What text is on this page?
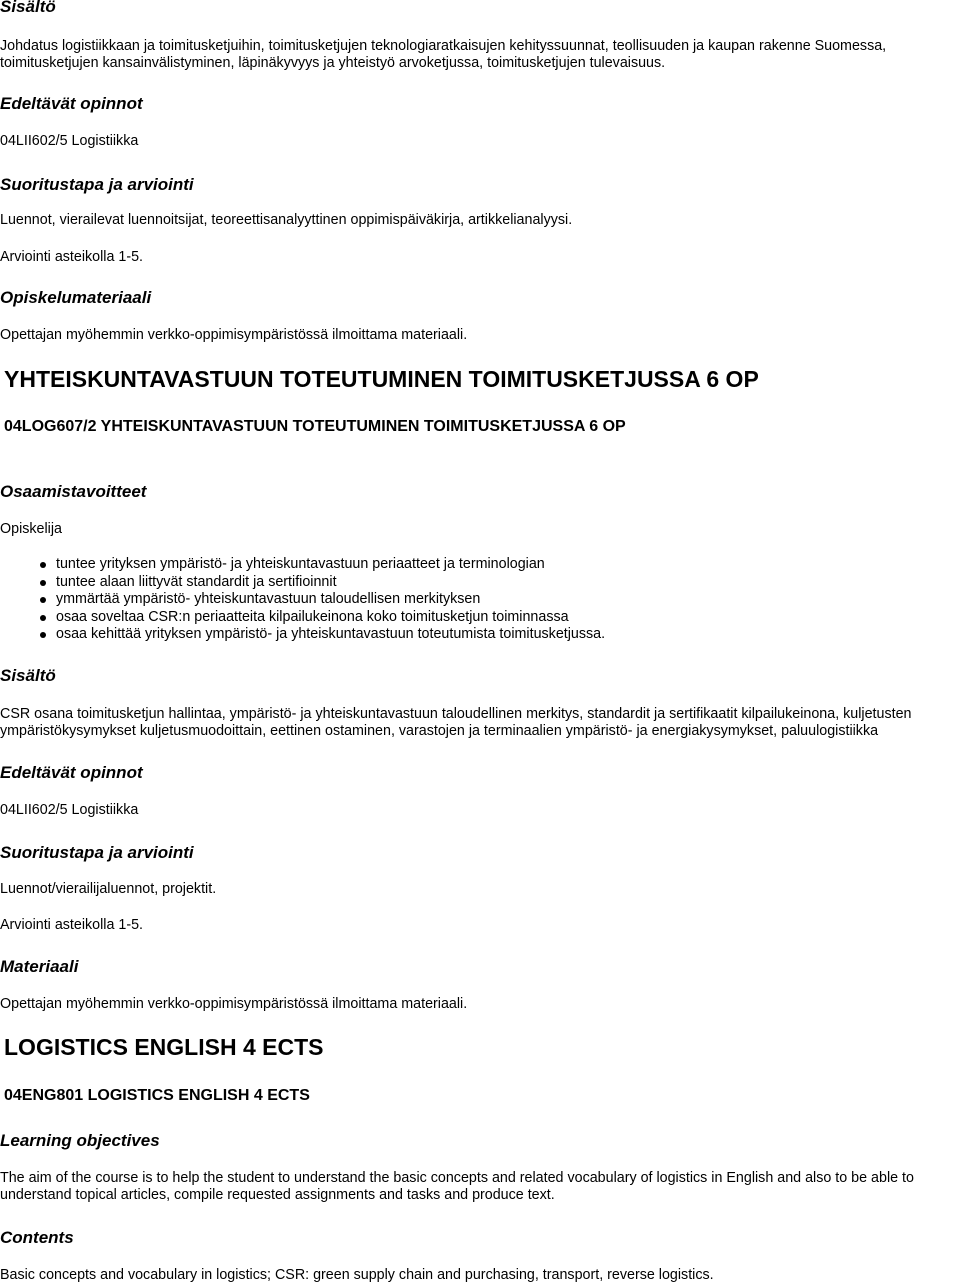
Sisältö
Johdatus logistiikkaan ja toimitusketjuihin, toimitusketjujen teknologiaratkaisujen kehityssuunnat, teollisuuden ja kaupan rakenne Suomessa, toimitusketjujen kansainvälistyminen, läpinäkyvyys ja yhteistyö arvoketjussa, toimitusketjujen tulevaisuus.
Edeltävät opinnot
04LII602/5 Logistiikka
Suoritustapa ja arviointi
Luennot, vierailevat luennoitsijat, teoreettisanalyyttinen oppimispäiväkirja, artikkelianalyysi.
Arviointi asteikolla 1-5.
Opiskelumateriaali
Opettajan myöhemmin verkko-oppimisympäristössä ilmoittama materiaali.
YHTEISKUNTAVASTUUN TOTEUTUMINEN TOIMITUSKETJUSSA 6 OP
04LOG607/2 YHTEISKUNTAVASTUUN TOTEUTUMINEN TOIMITUSKETJUSSA 6 OP
Osaamistavoitteet
Opiskelija
tuntee yrityksen ympäristö- ja yhteiskuntavastuun periaatteet ja terminologian
tuntee alaan liittyvät standardit ja sertifioinnit
ymmärtää ympäristö- yhteiskuntavastuun taloudellisen merkityksen
osaa soveltaa CSR:n periaatteita kilpailukeinona koko toimitusketjun toiminnassa
osaa kehittää yrityksen ympäristö- ja yhteiskuntavastuun toteutumista toimitusketjussa.
Sisältö
CSR osana toimitusketjun hallintaa, ympäristö- ja yhteiskuntavastuun taloudellinen merkitys, standardit ja sertifikaatit kilpailukeinona, kuljetusten ympäristökysymykset kuljetusmuodoittain, eettinen ostaminen, varastojen ja terminaalien ympäristö- ja energiakysymykset, paluulogistiikka
Edeltävät opinnot
04LII602/5 Logistiikka
Suoritustapa ja arviointi
Luennot/vierailijaluennot, projektit.
Arviointi asteikolla 1-5.
Materiaali
Opettajan myöhemmin verkko-oppimisympäristössä ilmoittama materiaali.
LOGISTICS ENGLISH 4 ECTS
04ENG801 LOGISTICS ENGLISH 4 ECTS
Learning objectives
The aim of the course is to help the student to understand the basic concepts and related vocabulary of logistics in English and also to be able to understand topical articles, compile requested assignments and tasks and produce text.
Contents
Basic concepts and vocabulary in logistics; CSR: green supply chain and purchasing, transport, reverse logistics.
